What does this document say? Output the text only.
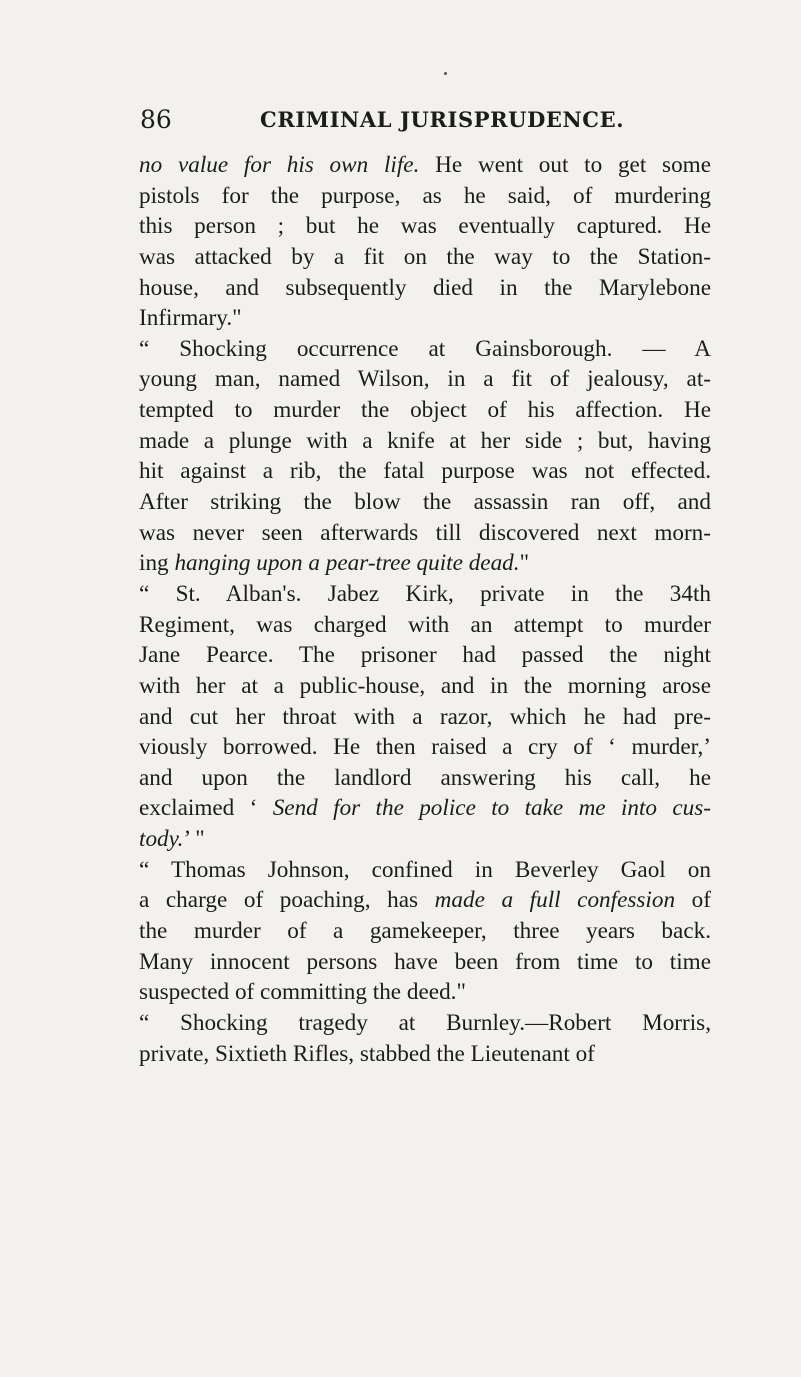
86	CRIMINAL JURISPRUDENCE.
no value for his own life. He went out to get some
pistols for the purpose, as he said, of murdering
this person ; but he was eventually captured. He
was attacked by a fit on the way to the Station-
house, and subsequently died in the Marylebone
Infirmary."
“ Shocking occurrence at Gainsborough. — A
young man, named Wilson, in a fit of jealousy, at-
tempted to murder the object of his affection. He
made a plunge with a knife at her side ; but, having
hit against a rib, the fatal purpose was not effected.
After striking the blow the assassin ran off, and
was never seen afterwards till discovered next morn-
ing hanging upon a pear-tree quite dead."
“ St. Alban's. Jabez Kirk, private in the 34th
Regiment, was charged with an attempt to murder
Jane Pearce. The prisoner had passed the night
with her at a public-house, and in the morning arose
and cut her throat with a razor, which he had pre-
viously borrowed. He then raised a cry of ‘ murder,’
and upon the landlord answering his call, he
exclaimed ‘ Send for the police to take me into cus-
tody.’ "
“ Thomas Johnson, confined in Beverley Gaol on
a charge of poaching, has made a full confession of
the murder of a gamekeeper, three years back.
Many innocent persons have been from time to time
suspected of committing the deed."
“ Shocking tragedy at Burnley.—Robert Morris,
private, Sixtieth Rifles, stabbed the Lieutenant of
